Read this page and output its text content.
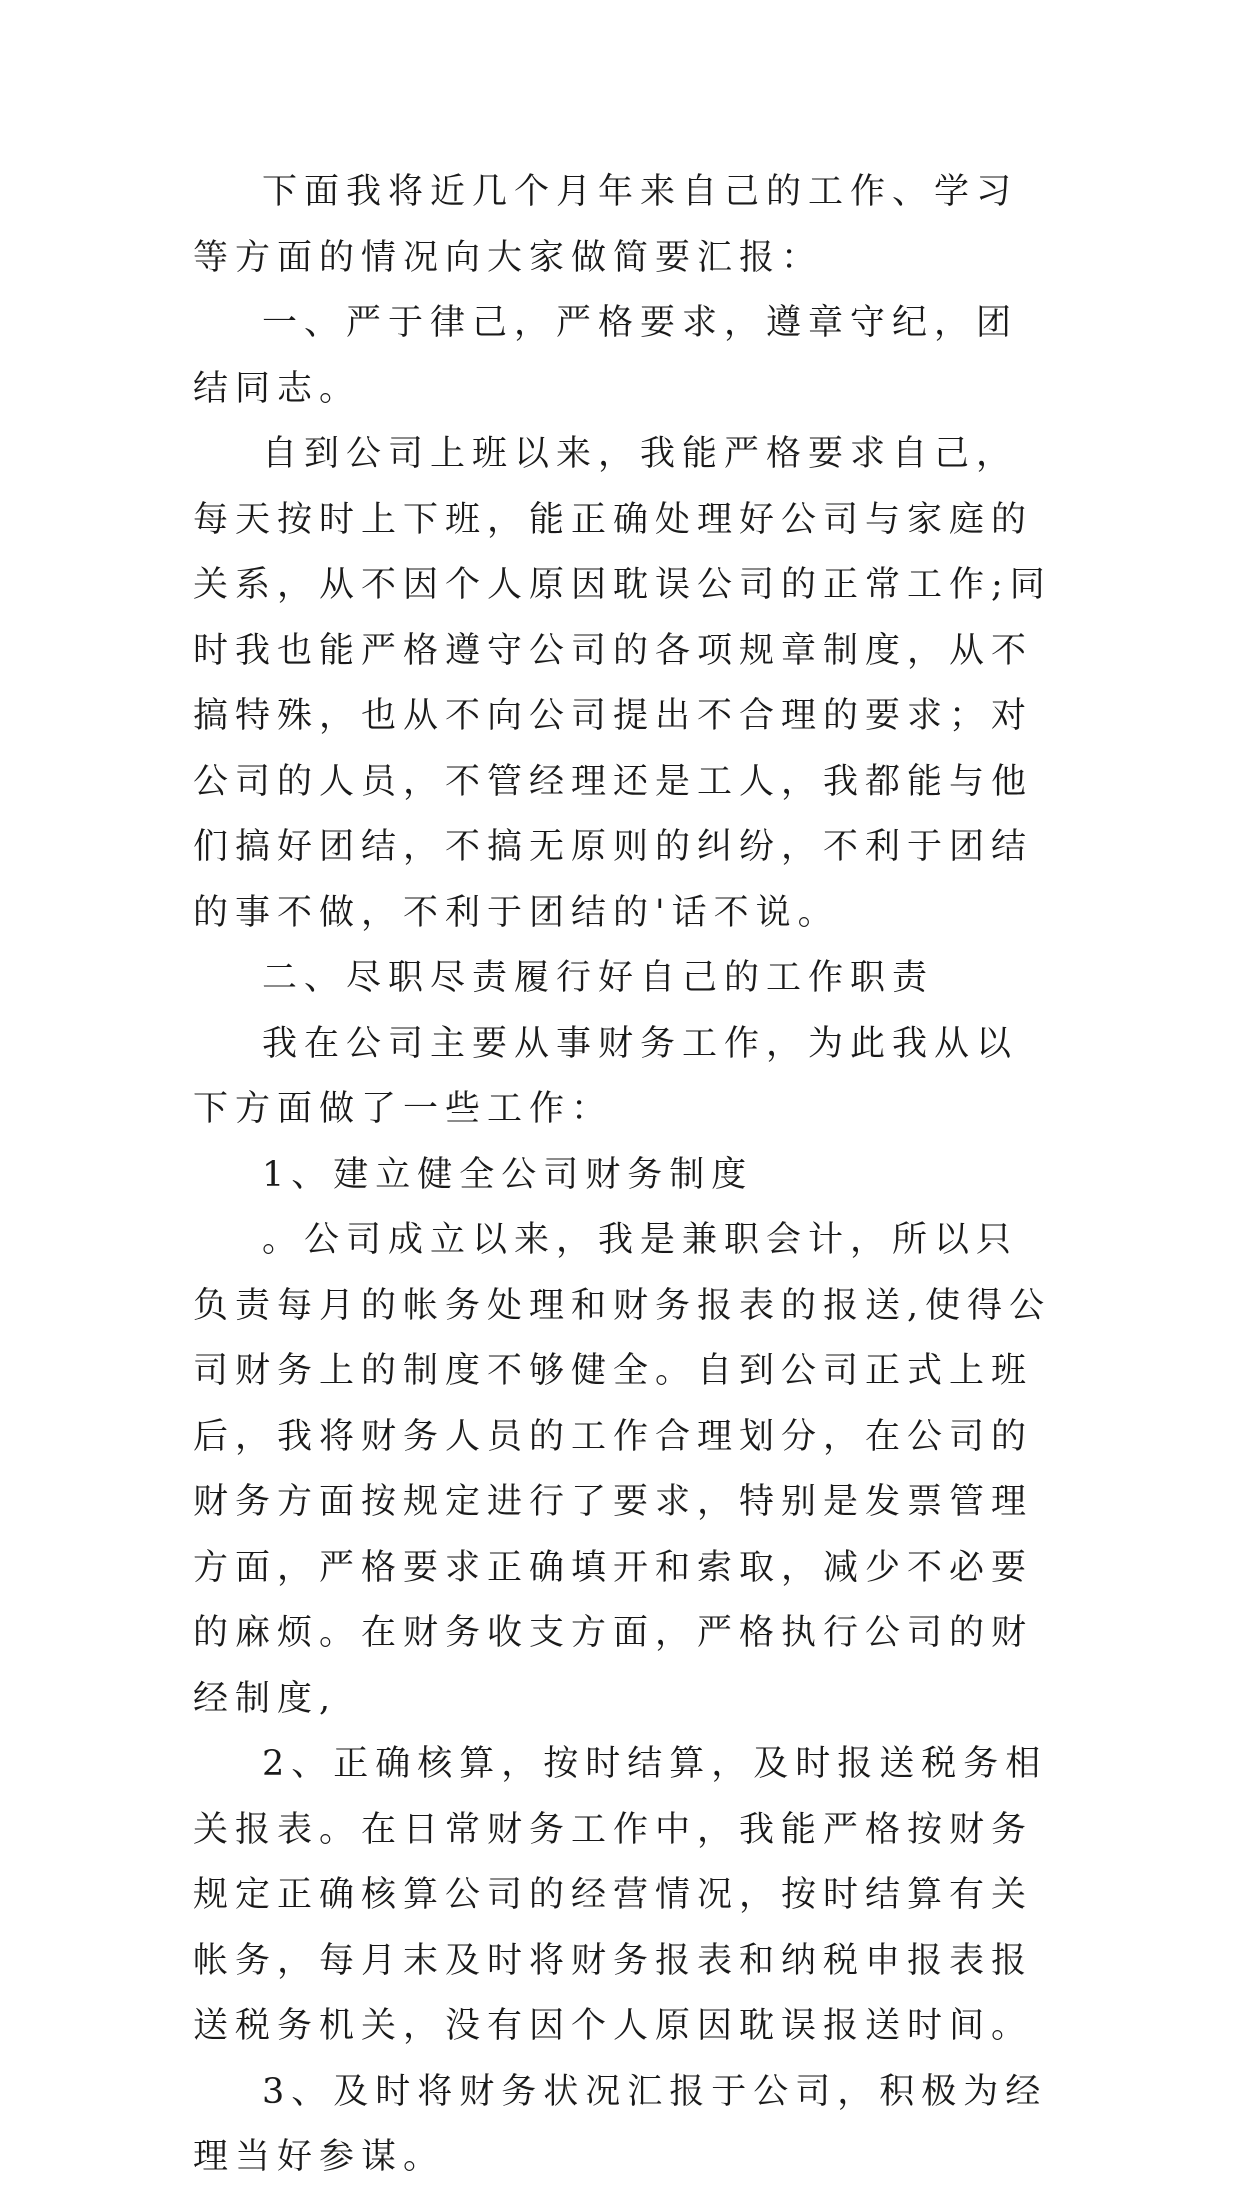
下面我将近几个月年来自己的工作、学习等方面的情况向大家做简要汇报：

一、严于律己，严格要求，遵章守纪，团结同志。

自到公司上班以来，我能严格要求自己，每天按时上下班，能正确处理好公司与家庭的关系，从不因个人原因耽误公司的正常工作;同时我也能严格遵守公司的各项规章制度，从不搞特殊，也从不向公司提出不合理的要求；对公司的人员，不管经理还是工人，我都能与他们搞好团结，不搞无原则的纠纷，不利于团结的事不做，不利于团结的'话不说。

二、尽职尽责履行好自己的工作职责

我在公司主要从事财务工作，为此我从以下方面做了一些工作：

1、建立健全公司财务制度

。公司成立以来，我是兼职会计，所以只负责每月的帐务处理和财务报表的报送,使得公司财务上的制度不够健全。自到公司正式上班后，我将财务人员的工作合理划分，在公司的财务方面按规定进行了要求，特别是发票管理方面，严格要求正确填开和索取，减少不必要的麻烦。在财务收支方面，严格执行公司的财经制度,

2、正确核算，按时结算，及时报送税务相关报表。在日常财务工作中，我能严格按财务规定正确核算公司的经营情况，按时结算有关帐务，每月末及时将财务报表和纳税申报表报送税务机关，没有因个人原因耽误报送时间。

3、及时将财务状况汇报于公司，积极为经理当好参谋。
